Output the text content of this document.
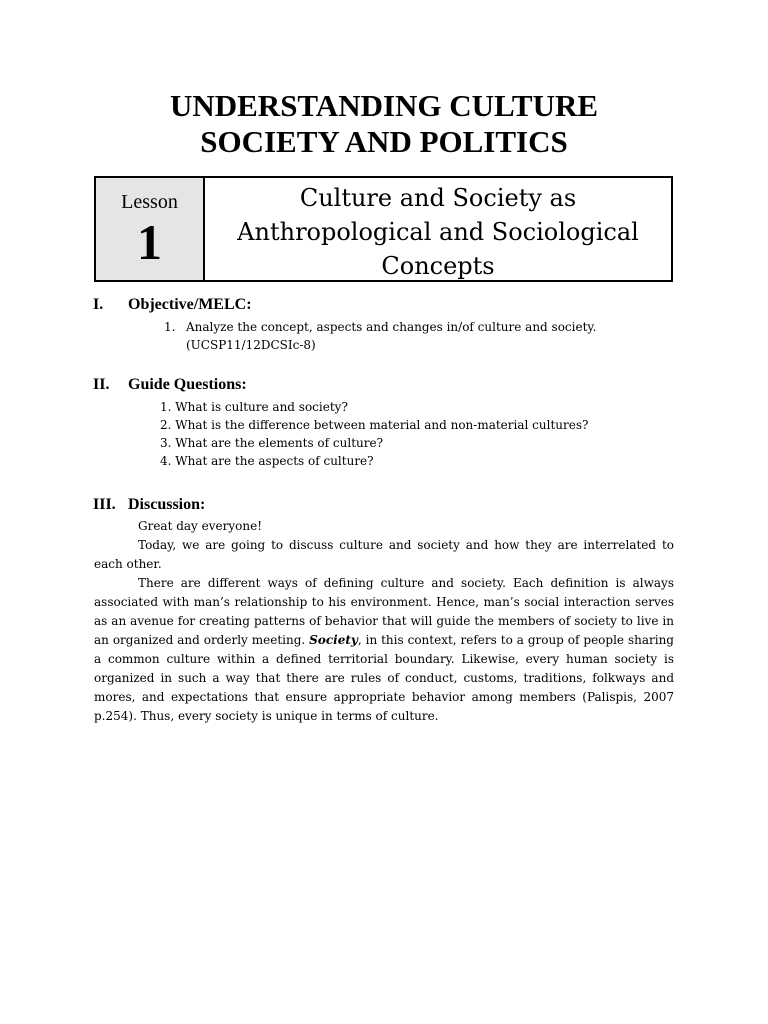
UNDERSTANDING CULTURE
SOCIETY AND POLITICS
Lesson
1
Culture and Society as
Anthropological and Sociological
Concepts
I. Objective/MELC:
1. Analyze the concept, aspects and changes in/of culture and society.
(UCSP11/12DCSIc-8)
II. Guide Questions:
1. What is culture and society?
2. What is the difference between material and non-material cultures?
3. What are the elements of culture?
4. What are the aspects of culture?
III. Discussion:

Great day everyone!

Today, we are going to discuss culture and society and how they are interrelated to each other.

There are different ways of defining culture and society. Each definition is always associated with man’s relationship to his environment. Hence, man’s social interaction serves as an avenue for creating patterns of behavior that will guide the members of society to live in an organized and orderly meeting. Society, in this context, refers to a group of people sharing a common culture within a defined territorial boundary. Likewise, every human society is organized in such a way that there are rules of conduct, customs, traditions, folkways and mores, and expectations that ensure appropriate behavior among members (Palispis, 2007 p.254). Thus, every society is unique in terms of culture.
